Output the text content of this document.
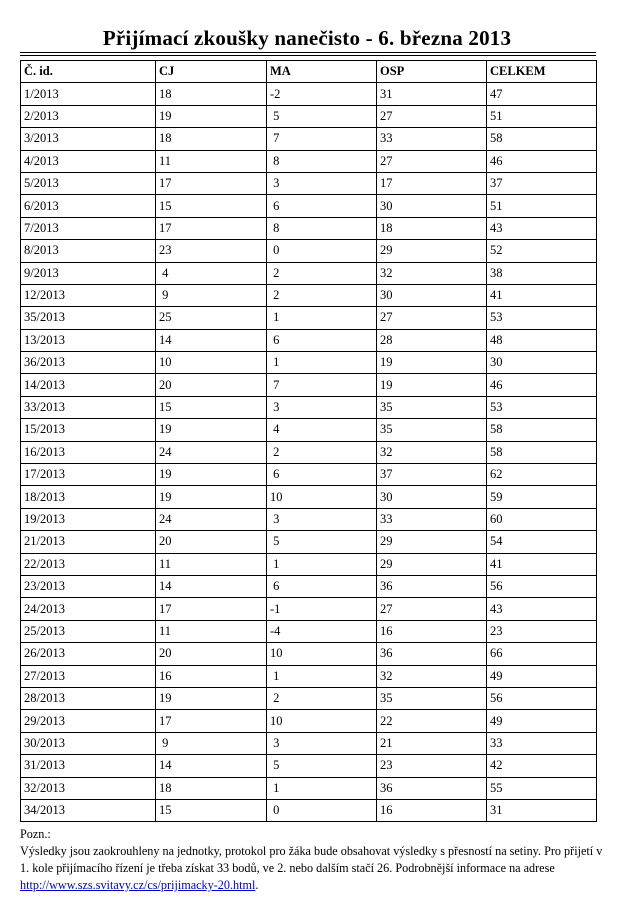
Přijímací zkoušky nanečisto - 6. března 2013
Č. id.	CJ	MA	OSP	CELKEM
1/2013	18	-2	31	47
2/2013	19	5	27	51
3/2013	18	7	33	58
4/2013	11	8	27	46
5/2013	17	3	17	37
6/2013	15	6	30	51
7/2013	17	8	18	43
8/2013	23	0	29	52
9/2013	4	2	32	38
12/2013	9	2	30	41
35/2013	25	1	27	53
13/2013	14	6	28	48
36/2013	10	1	19	30
14/2013	20	7	19	46
33/2013	15	3	35	53
15/2013	19	4	35	58
16/2013	24	2	32	58
17/2013	19	6	37	62
18/2013	19	10	30	59
19/2013	24	3	33	60
21/2013	20	5	29	54
22/2013	11	1	29	41
23/2013	14	6	36	56
24/2013	17	-1	27	43
25/2013	11	-4	16	23
26/2013	20	10	36	66
27/2013	16	1	32	49
28/2013	19	2	35	56
29/2013	17	10	22	49
30/2013	9	3	21	33
31/2013	14	5	23	42
32/2013	18	1	36	55
34/2013	15	0	16	31
Pozn.:
Výsledky jsou zaokrouhleny na jednotky, protokol pro žáka bude obsahovat výsledky s přesností na setiny. Pro přijetí v 1. kole přijímacího řízení je třeba získat 33 bodů, ve 2. nebo dalším stačí 26. Podrobnější informace na adrese http://www.szs.svitavy.cz/cs/prijimacky-20.html.
